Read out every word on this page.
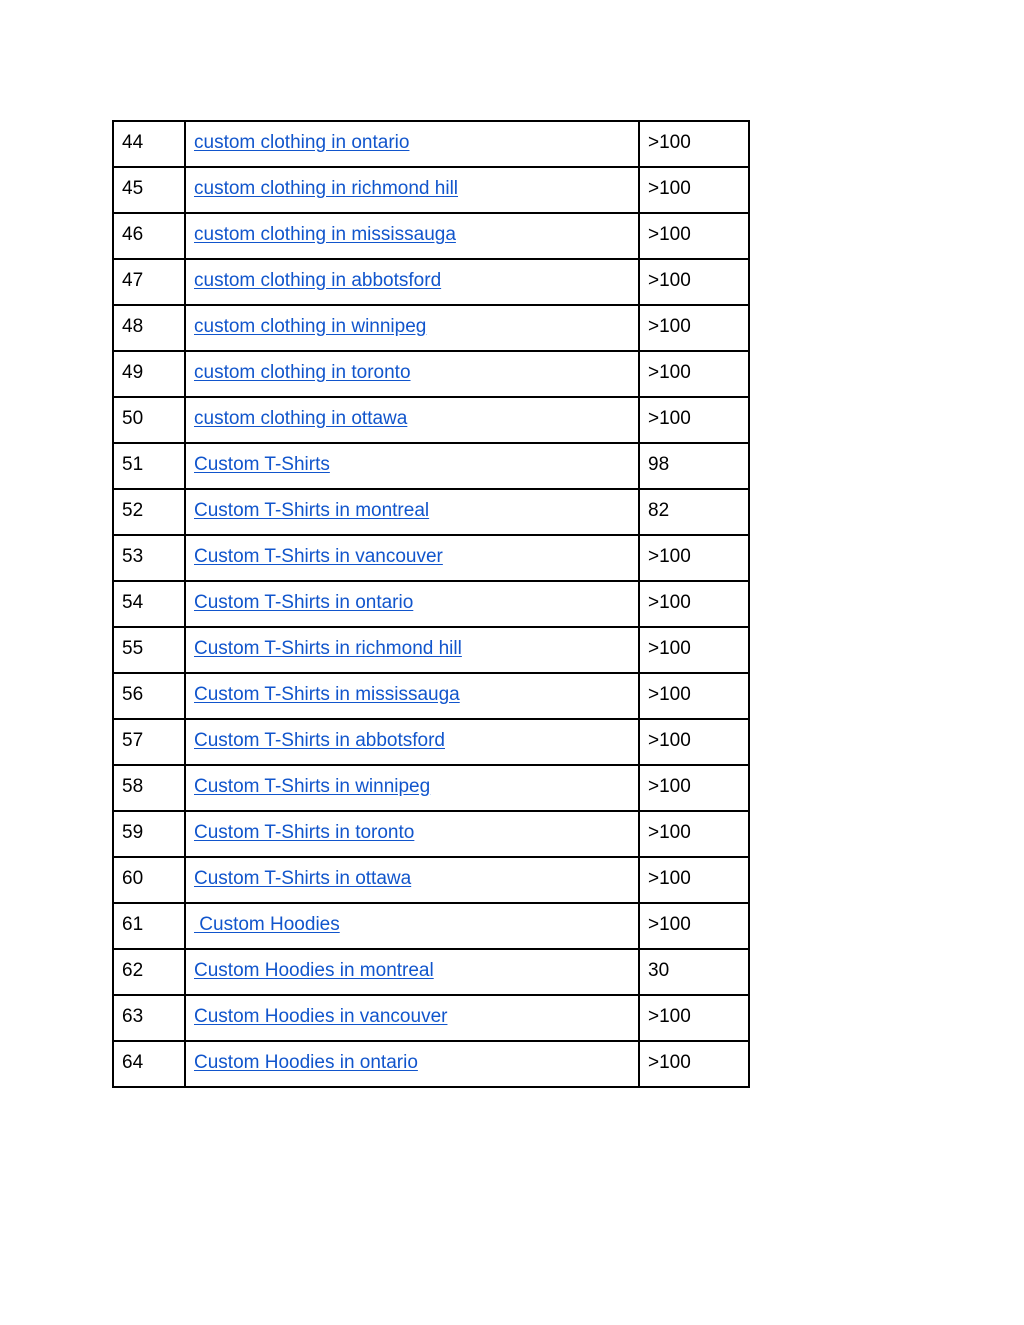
44	custom clothing in ontario	>100
45	custom clothing in richmond hill	>100
46	custom clothing in mississauga	>100
47	custom clothing in abbotsford	>100
48	custom clothing in winnipeg	>100
49	custom clothing in toronto	>100
50	custom clothing in ottawa	>100
51	Custom T-Shirts	98
52	Custom T-Shirts in montreal	82
53	Custom T-Shirts in vancouver	>100
54	Custom T-Shirts in ontario	>100
55	Custom T-Shirts in richmond hill	>100
56	Custom T-Shirts in mississauga	>100
57	Custom T-Shirts in abbotsford	>100
58	Custom T-Shirts in winnipeg	>100
59	Custom T-Shirts in toronto	>100
60	Custom T-Shirts in ottawa	>100
61	Custom Hoodies	>100
62	Custom Hoodies in montreal	30
63	Custom Hoodies in vancouver	>100
64	Custom Hoodies in ontario	>100
